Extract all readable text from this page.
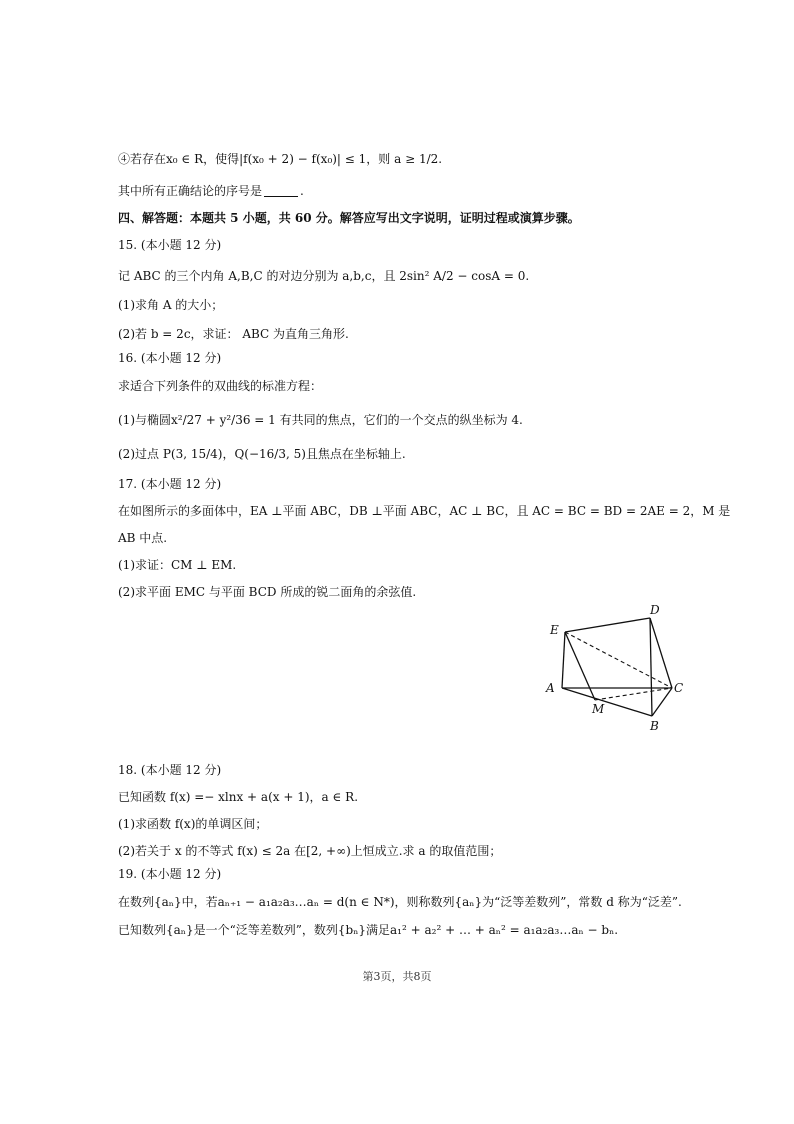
④若存在x₀ ∈ R，使得|f(x₀ + 2) − f(x₀)| ≤ 1，则 a ≥ 1/2.
其中所有正确结论的序号是	.
四、解答题：本题共 5 小题，共 60 分。解答应写出文字说明，证明过程或演算步骤。
15. (本小题 12 分)
记 ABC 的三个内角 A,B,C 的对边分别为 a,b,c，且 2sin² A/2 − cosA = 0.
(1)求角 A 的大小；
(2)若 b = 2c，求证： ABC 为直角三角形.
16. (本小题 12 分)
求适合下列条件的双曲线的标准方程：
(1)与椭圆x²/27 + y²/36 = 1 有共同的焦点，它们的一个交点的纵坐标为 4.
(2)过点 P(3, 15/4)，Q(−16/3, 5)且焦点在坐标轴上.
17. (本小题 12 分)
在如图所示的多面体中，EA ⊥平面 ABC，DB ⊥平面 ABC，AC ⊥ BC，且 AC = BC = BD = 2AE = 2，M 是
AB 中点.
(1)求证：CM ⊥ EM.
(2)求平面 EMC 与平面 BCD 所成的锐二面角的余弦值.
D
E
A	C
M
B
18. (本小题 12 分)
已知函数 f(x) =− xlnx + a(x + 1)，a ∈ R.
(1)求函数 f(x)的单调区间；
(2)若关于 x 的不等式 f(x) ≤ 2a 在[2, +∞)上恒成立.求 a 的取值范围；
19. (本小题 12 分)
在数列{aₙ}中，若aₙ₊₁ − a₁a₂a₃…aₙ = d(n ∈ N*)，则称数列{aₙ}为“泛等差数列”，常数 d 称为“泛差”.
已知数列{aₙ}是一个“泛等差数列”，数列{bₙ}满足a₁² + a₂² + … + aₙ² = a₁a₂a₃…aₙ − bₙ.
第3页，共8页
